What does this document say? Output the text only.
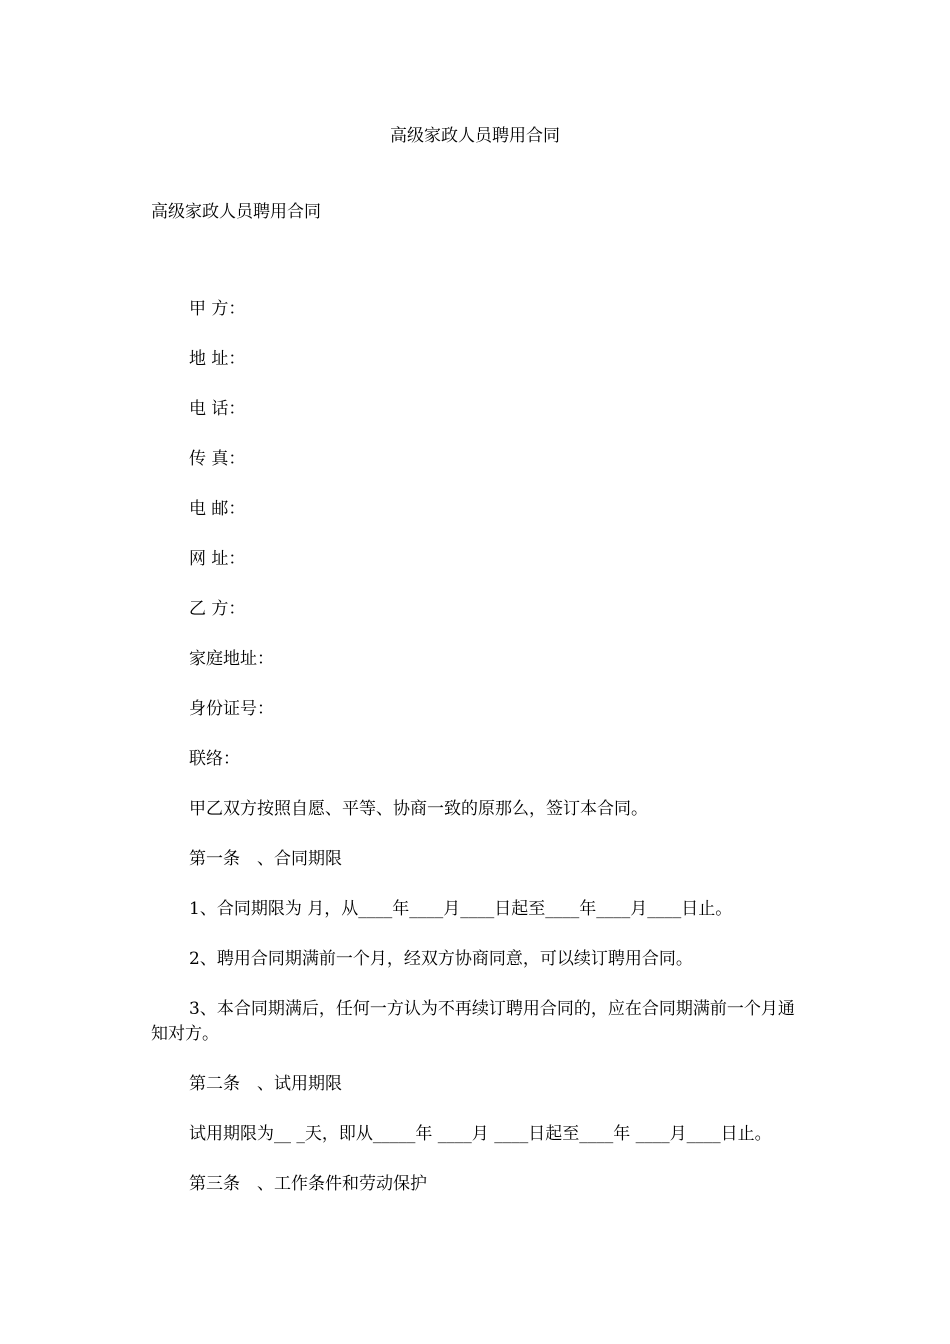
高级家政人员聘用合同
高级家政人员聘用合同

甲 方：

地 址：

电 话：

传 真：

电 邮：

网 址：

乙 方：

家庭地址：

身份证号：

联络：

甲乙双方按照自愿、平等、协商一致的原那么，签订本合同。

第一条　、合同期限

1、合同期限为 月，从____年____月____日起至____年____月____日止。

2、聘用合同期满前一个月，经双方协商同意，可以续订聘用合同。

3、本合同期满后，任何一方认为不再续订聘用合同的，应在合同期满前一个月通知对方。

第二条　、试用期限

试用期限为__ _天，即从_____年 ____月 ____日起至____年 ____月____日止。

第三条　、工作条件和劳动保护
